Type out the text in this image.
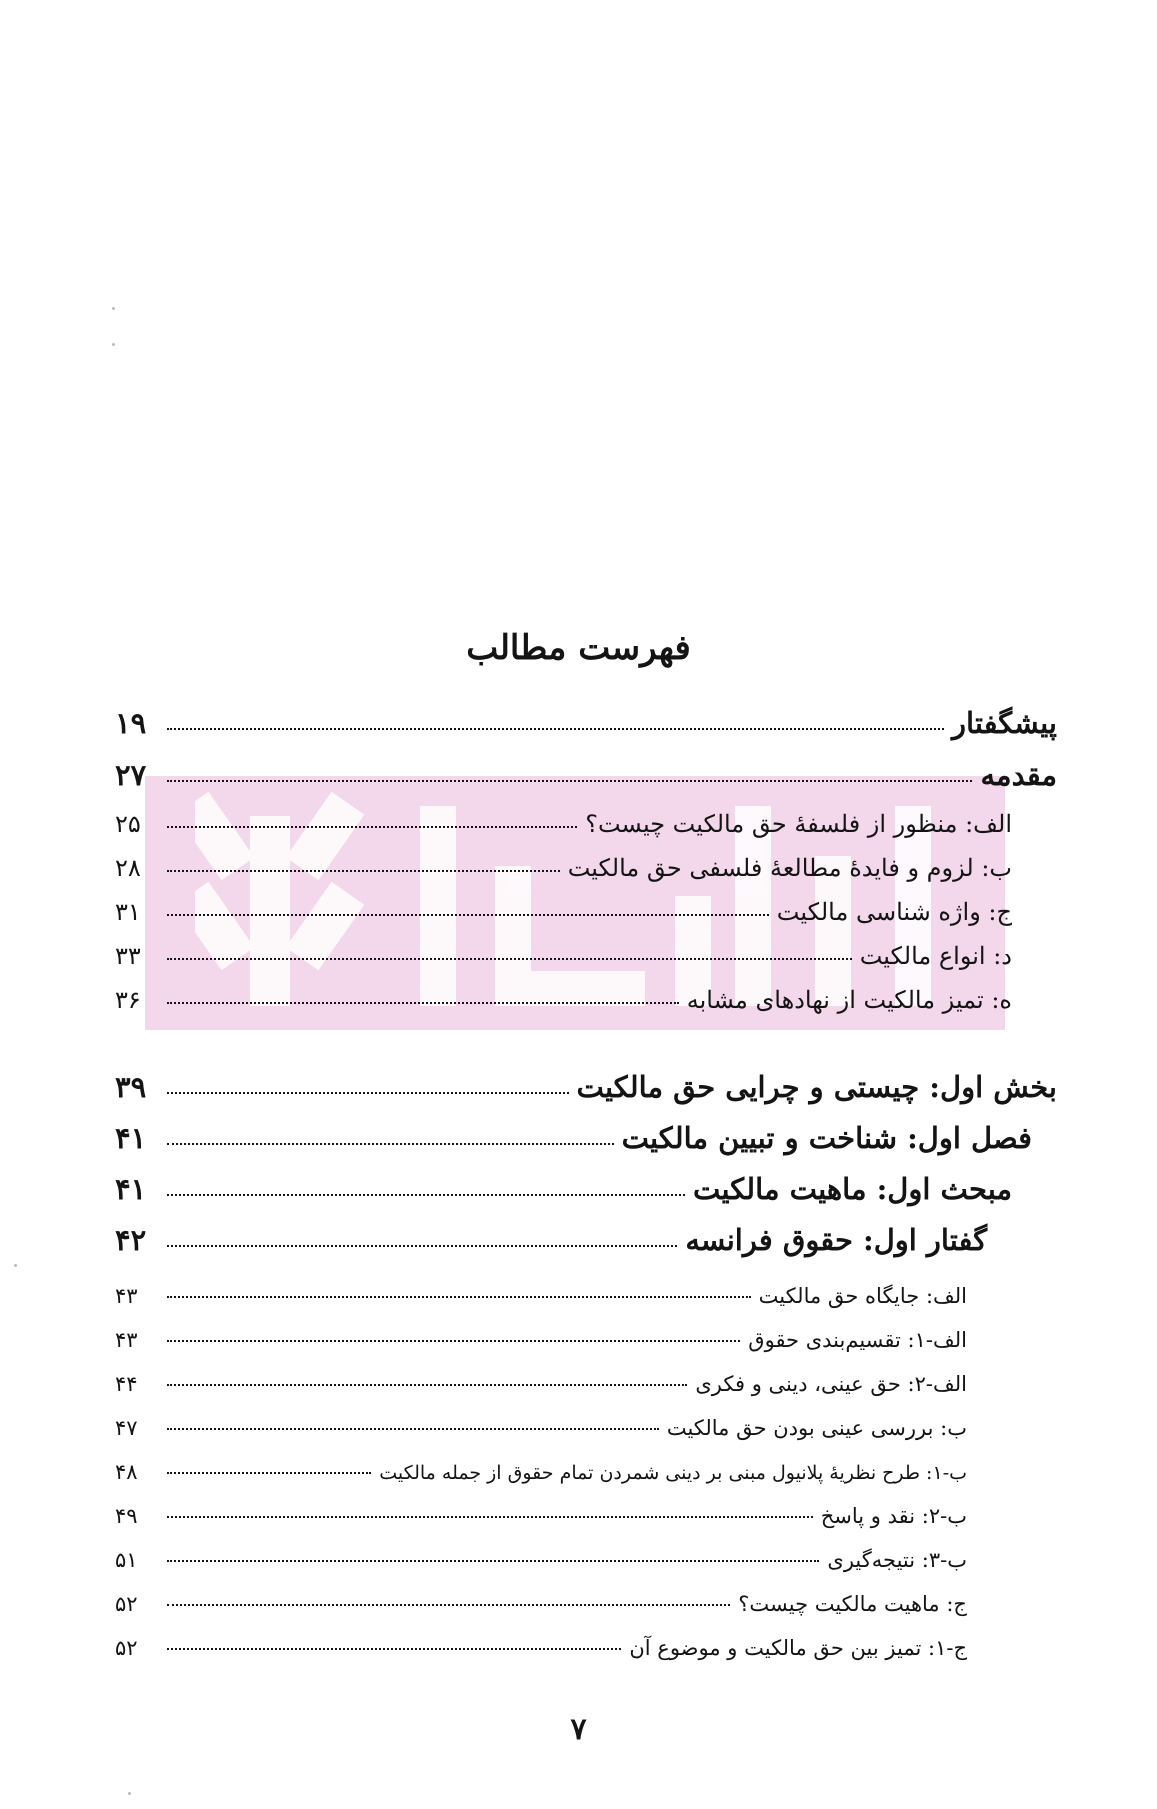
فهرست مطالب
پیشگفتار
۱۹
مقدمه
۲۷
الف: منظور از فلسفهٔ حق مالکیت چیست؟
۲۵
ب: لزوم و فایدهٔ مطالعهٔ فلسفی حق مالکیت
۲۸
ج: واژه شناسی مالکیت
۳۱
د: انواع مالکیت
۳۳
ه: تمیز مالکیت از نهادهای مشابه
۳۶
بخش اول: چیستی و چرایی حق مالکیت
۳۹
فصل اول: شناخت و تبیین مالکیت
۴۱
مبحث اول: ماهیت مالکیت
۴۱
گفتار اول: حقوق فرانسه
۴۲
الف: جایگاه حق مالکیت
۴۳
الف-۱: تقسیم‌بندی حقوق
۴۳
الف-۲: حق عینی، دینی و فکری
۴۴
ب: بررسی عینی بودن حق مالکیت
۴۷
ب-۱: طرح نظریهٔ پلانیول مبنی بر دینی شمردن تمام حقوق از جمله مالکیت
۴۸
ب-۲: نقد و پاسخ
۴۹
ب-۳: نتیجه‌گیری
۵۱
ج: ماهیت مالکیت چیست؟
۵۲
ج-۱: تمیز بین حق مالکیت و موضوع آن
۵۲
۷
